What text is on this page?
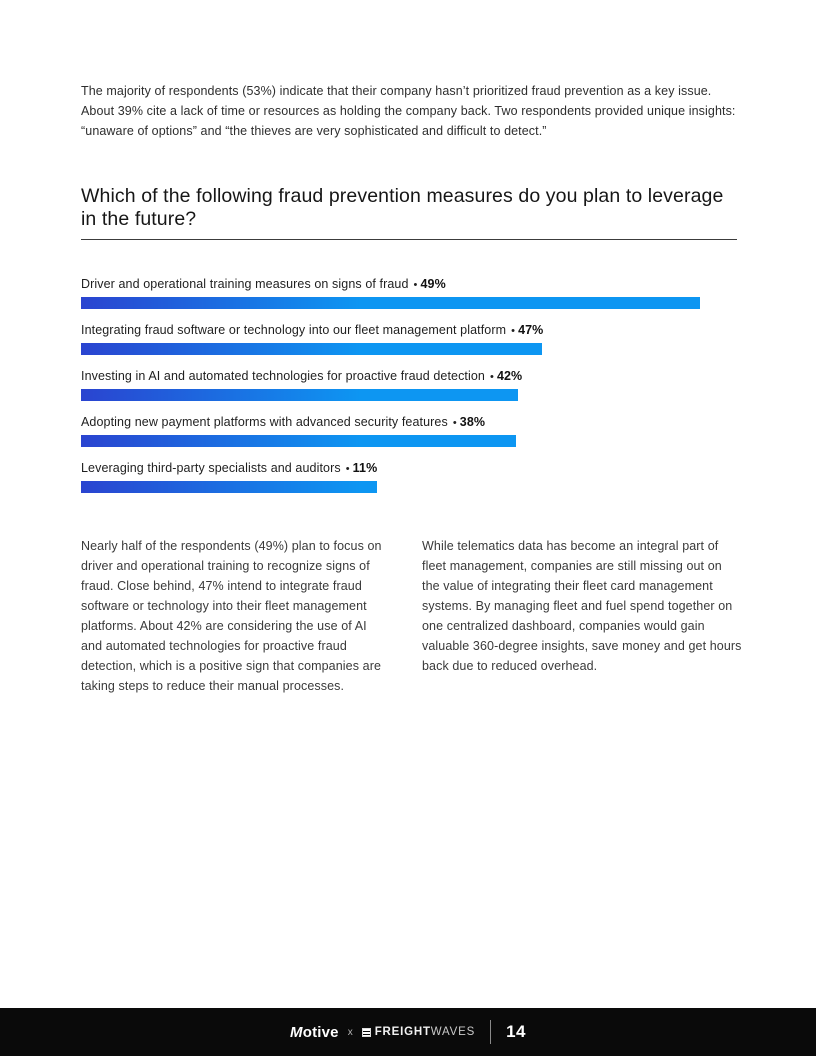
The majority of respondents (53%) indicate that their company hasn’t prioritized fraud prevention as a key issue. About 39% cite a lack of time or resources as holding the company back. Two respondents provided unique insights: “unaware of options” and “the thieves are very sophisticated and difficult to detect.”

Which of the following fraud prevention measures do you plan to leverage in the future?
Driver and operational training measures on signs of fraud • 49%
Integrating fraud software or technology into our fleet management platform • 47%
Investing in AI and automated technologies for proactive fraud detection • 42%
Adopting new payment platforms with advanced security features • 38%
Leveraging third-party specialists and auditors • 11%

Nearly half of the respondents (49%) plan to focus on driver and operational training to recognize signs of fraud. Close behind, 47% intend to integrate fraud software or technology into their fleet management platforms. About 42% are considering the use of AI and automated technologies for proactive fraud detection, which is a positive sign that companies are taking steps to reduce their manual processes.

While telematics data has become an integral part of fleet management, companies are still missing out on the value of integrating their fleet card management systems. By managing fleet and fuel spend together on one centralized dashboard, companies would gain valuable 360-degree insights, save money and get hours back due to reduced overhead.

Motive x FREIGHT WAVES 14
